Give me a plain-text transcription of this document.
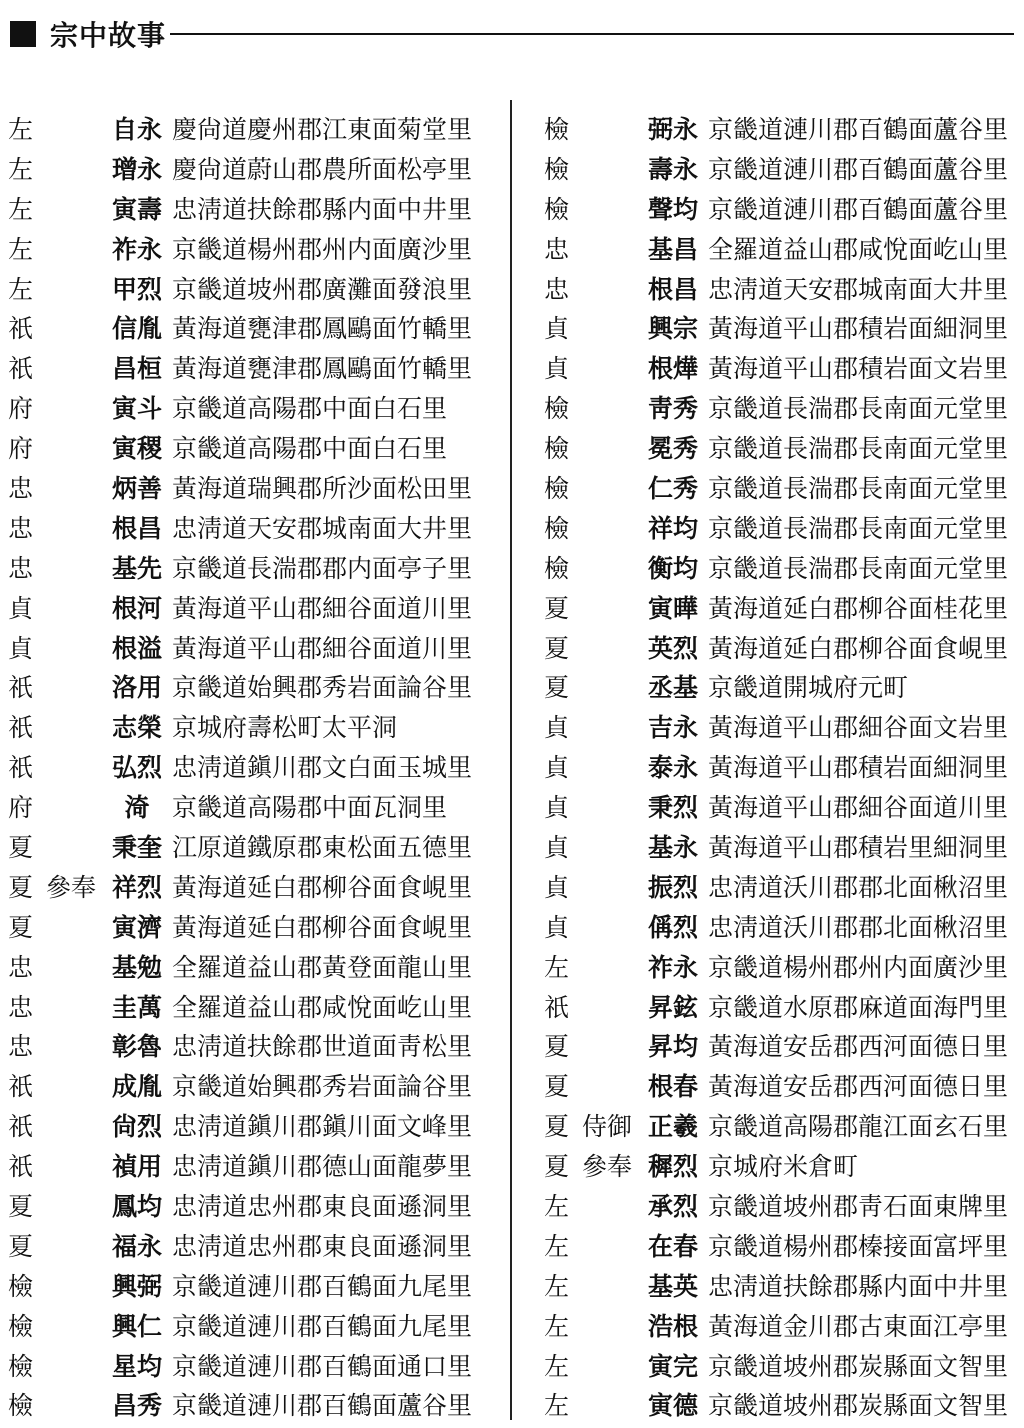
宗中故事
左	自永 慶尙道慶州郡江東面菊堂里
左	璔永 慶尙道蔚山郡農所面松亭里
左	寅壽 忠淸道扶餘郡縣内面中井里
左	祚永 京畿道楊州郡州内面廣沙里
左	甲烈 京畿道坡州郡廣灘面發浪里
祇	信胤 黃海道甕津郡鳳鷗面竹轎里
祇	昌桓 黃海道甕津郡鳳鷗面竹轎里
府	寅斗 京畿道高陽郡中面白石里
府	寅稷 京畿道高陽郡中面白石里
忠	炳善 黃海道瑞興郡所沙面松田里
忠	根昌 忠淸道天安郡城南面大井里
忠	基先 京畿道長湍郡郡内面亭子里
貞	根河 黃海道平山郡細谷面道川里
貞	根溢 黃海道平山郡細谷面道川里
祇	洛用 京畿道始興郡秀岩面論谷里
祇	志榮 京城府壽松町太平洞
祇	弘烈 忠淸道鎭川郡文白面玉城里
府	渏 京畿道高陽郡中面瓦洞里
夏	秉奎 江原道鐵原郡東松面五德里
夏 參奉 祥烈 黃海道延白郡柳谷面食峴里
夏	寅濟 黃海道延白郡柳谷面食峴里
忠	基勉 全羅道益山郡黃登面龍山里
忠	圭萬 全羅道益山郡咸悅面屹山里
忠	彰魯 忠淸道扶餘郡世道面靑松里
祇	成胤 京畿道始興郡秀岩面論谷里
祇	尙烈 忠淸道鎭川郡鎭川面文峰里
祇	禎用 忠淸道鎭川郡德山面龍夢里
夏	鳳均 忠淸道忠州郡東良面遜洞里
夏	福永 忠淸道忠州郡東良面遜洞里
檢	興弼 京畿道漣川郡百鶴面九尾里
檢	興仁 京畿道漣川郡百鶴面九尾里
檢	星均 京畿道漣川郡百鶴面通口里
檢	昌秀 京畿道漣川郡百鶴面蘆谷里
檢	弼永 京畿道漣川郡百鶴面蘆谷里
檢	壽永 京畿道漣川郡百鶴面蘆谷里
檢	聲均 京畿道漣川郡百鶴面蘆谷里
忠	基昌 全羅道益山郡咸悅面屹山里
忠	根昌 忠淸道天安郡城南面大井里
貞	興宗 黃海道平山郡積岩面細洞里
貞	根燁 黃海道平山郡積岩面文岩里
檢	靑秀 京畿道長湍郡長南面元堂里
檢	冕秀 京畿道長湍郡長南面元堂里
檢	仁秀 京畿道長湍郡長南面元堂里
檢	祥均 京畿道長湍郡長南面元堂里
檢	衡均 京畿道長湍郡長南面元堂里
夏	寅曄 黃海道延白郡柳谷面桂花里
夏	英烈 黃海道延白郡柳谷面食峴里
夏	丞基 京畿道開城府元町
貞	吉永 黃海道平山郡細谷面文岩里
貞	泰永 黃海道平山郡積岩面細洞里
貞	秉烈 黃海道平山郡細谷面道川里
貞	基永 黃海道平山郡積岩里細洞里
貞	振烈 忠淸道沃川郡郡北面楸沼里
貞	偁烈 忠淸道沃川郡郡北面楸沼里
左	祚永 京畿道楊州郡州内面廣沙里
祇	昇鉉 京畿道水原郡麻道面海門里
夏	昇均 黃海道安岳郡西河面德日里
夏	根春 黃海道安岳郡西河面德日里
夏 侍御 正羲 京畿道高陽郡龍江面玄石里
夏 參奉 穉烈 京城府米倉町
左	承烈 京畿道坡州郡靑石面東牌里
左	在春 京畿道楊州郡榛接面富坪里
左	基英 忠淸道扶餘郡縣内面中井里
左	浩根 黃海道金川郡古東面江亭里
左	寅完 京畿道坡州郡炭縣面文智里
左	寅德 京畿道坡州郡炭縣面文智里
